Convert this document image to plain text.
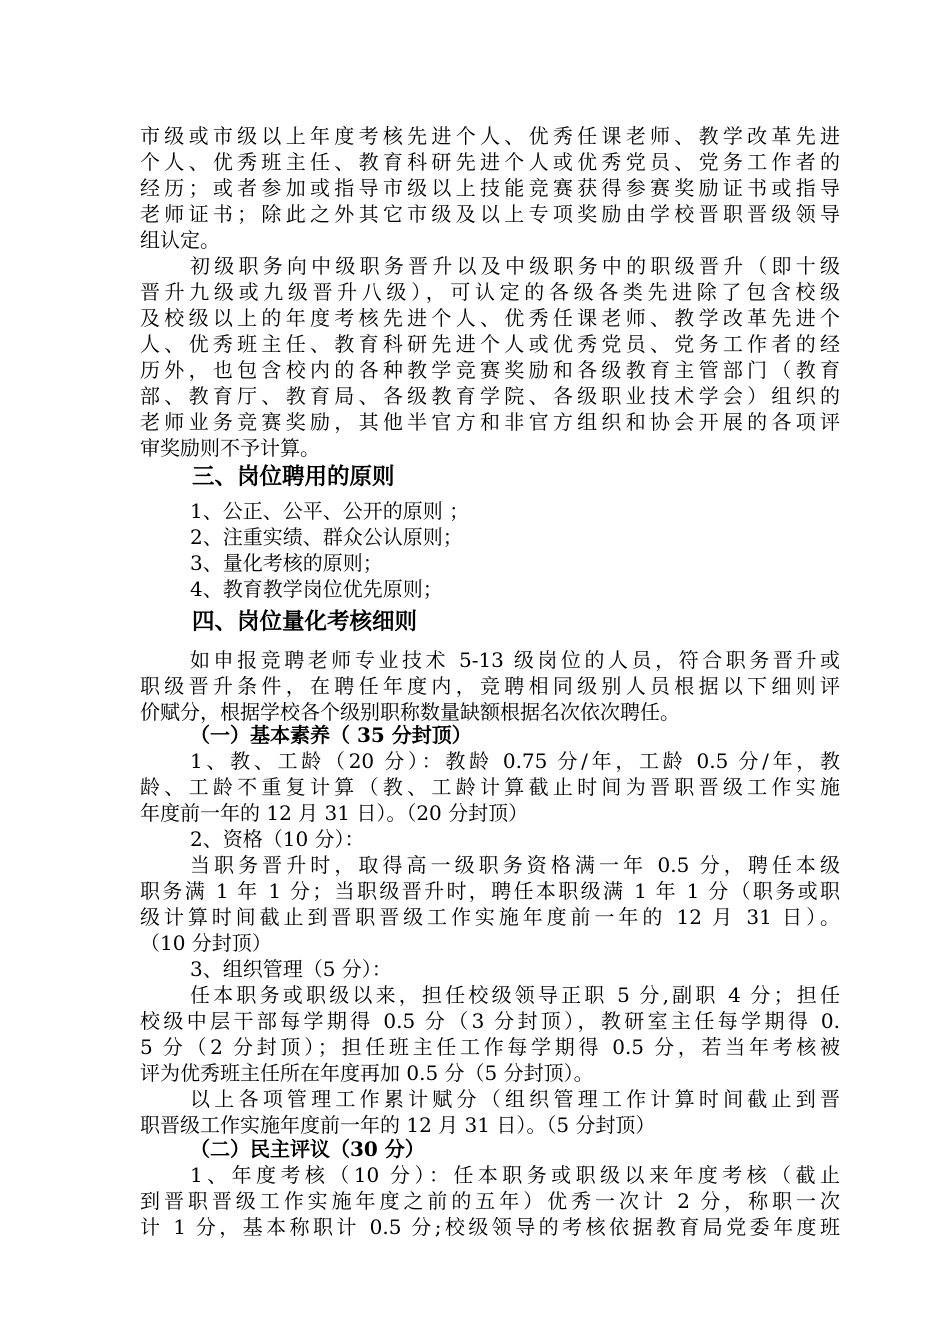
市级或市级以上年度考核先进个人、优秀任课老师、教学改革先进
个人、优秀班主任、教育科研先进个人或优秀党员、党务工作者的
经历；或者参加或指导市级以上技能竞赛获得参赛奖励证书或指导
老师证书；除此之外其它市级及以上专项奖励由学校晋职晋级领导
组认定。
初级职务向中级职务晋升以及中级职务中的职级晋升（即十级
晋升九级或九级晋升八级），可认定的各级各类先进除了包含校级
及校级以上的年度考核先进个人、优秀任课老师、教学改革先进个
人、优秀班主任、教育科研先进个人或优秀党员、党务工作者的经
历外，也包含校内的各种教学竞赛奖励和各级教育主管部门（教育
部、教育厅、教育局、各级教育学院、各级职业技术学会）组织的
老师业务竞赛奖励，其他半官方和非官方组织和协会开展的各项评
审奖励则不予计算。
三、岗位聘用的原则
1、公正、公平、公开的原则 ；
2、注重实绩、群众公认原则；
3、量化考核的原则；
4、教育教学岗位优先原则；
四、岗位量化考核细则
如申报竞聘老师专业技术 5-13 级岗位的人员，符合职务晋升或
职级晋升条件，在聘任年度内，竞聘相同级别人员根据以下细则评
价赋分，根据学校各个级别职称数量缺额根据名次依次聘任。
（一）基本素养（ 35 分封顶）
1、教、工龄（20 分）：教龄 0.75 分/年，工龄 0.5 分/年，教
龄、工龄不重复计算（教、工龄计算截止时间为晋职晋级工作实施
年度前一年的 12 月 31 日）。（20 分封顶）
2、资格（10 分）：
当职务晋升时，取得高一级职务资格满一年 0.5 分，聘任本级
职务满 1 年 1 分；当职级晋升时，聘任本职级满 1 年 1 分（职务或职
级计算时间截止到晋职晋级工作实施年度前一年的 12 月 31 日）。
（10 分封顶）
3、组织管理（5 分）：
任本职务或职级以来，担任校级领导正职 5 分,副职 4 分；担任
校级中层干部每学期得 0.5 分（3 分封顶），教研室主任每学期得 0.
5 分（2 分封顶）；担任班主任工作每学期得 0.5 分，若当年考核被
评为优秀班主任所在年度再加 0.5 分（5 分封顶）。
以上各项管理工作累计赋分（组织管理工作计算时间截止到晋
职晋级工作实施年度前一年的 12 月 31 日）。（5 分封顶）
（二）民主评议（30 分）
1、年度考核（10 分）：任本职务或职级以来年度考核（截止
到晋职晋级工作实施年度之前的五年）优秀一次计 2 分，称职一次
计 1 分，基本称职计 0.5 分;校级领导的考核依据教育局党委年度班
